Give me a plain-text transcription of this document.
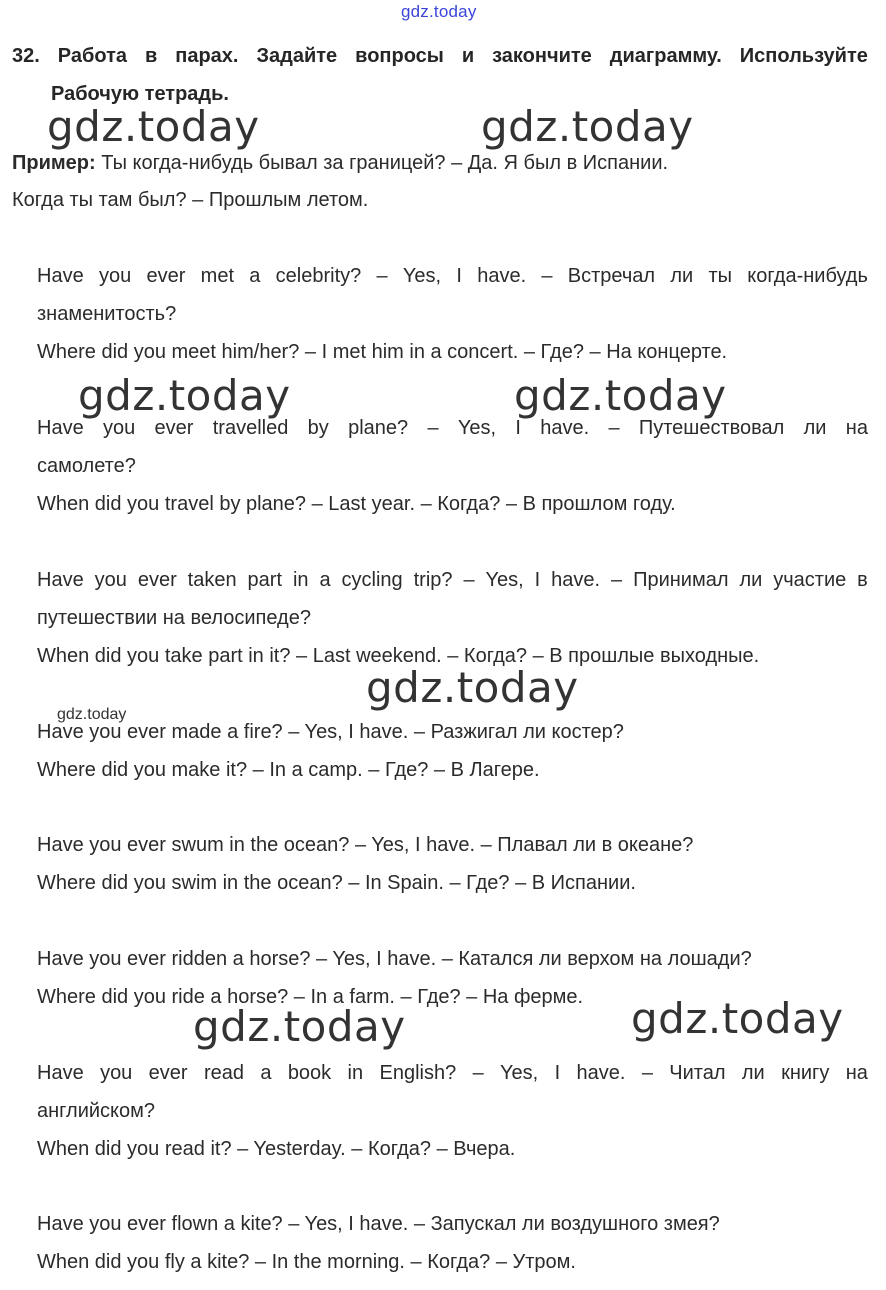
gdz.today
32. Работа в парах. Задайте вопросы и закончите диаграмму. Используйте
Рабочую тетрадь.
gdz.today	gdz.today
Пример: Ты когда-нибудь бывал за границей? – Да. Я был в Испании.
Когда ты там был? – Прошлым летом.
Have you ever met a celebrity? – Yes, I have. – Встречал ли ты когда-нибудь
знаменитость?
Where did you meet him/her? – I met him in a concert. – Где? – На концерте.
gdz.today	gdz.today
Have you ever travelled by plane? – Yes, I have. – Путешествовал ли на
самолете?
When did you travel by plane? – Last year. – Когда? – В прошлом году.
Have you ever taken part in a cycling trip? – Yes, I have. – Принимал ли участие в
путешествии на велосипеде?
When did you take part in it? – Last weekend. – Когда? – В прошлые выходные.
gdz.today
gdz.today
Have you ever made a fire? – Yes, I have. – Разжигал ли костер?
Where did you make it? – In a camp. – Где? – В Лагере.
Have you ever swum in the ocean? – Yes, I have. – Плавал ли в океане?
Where did you swim in the ocean? – In Spain. – Где? – В Испании.
Have you ever ridden a horse? – Yes, I have. – Катался ли верхом на лошади?
Where did you ride a horse? – In a farm. – Где? – На ферме.
gdz.today	gdz.today
Have you ever read a book in English? – Yes, I have. – Читал ли книгу на
английском?
When did you read it? – Yesterday. – Когда? – Вчера.
Have you ever flown a kite? – Yes, I have. – Запускал ли воздушного змея?
When did you fly a kite? – In the morning. – Когда? – Утром.
